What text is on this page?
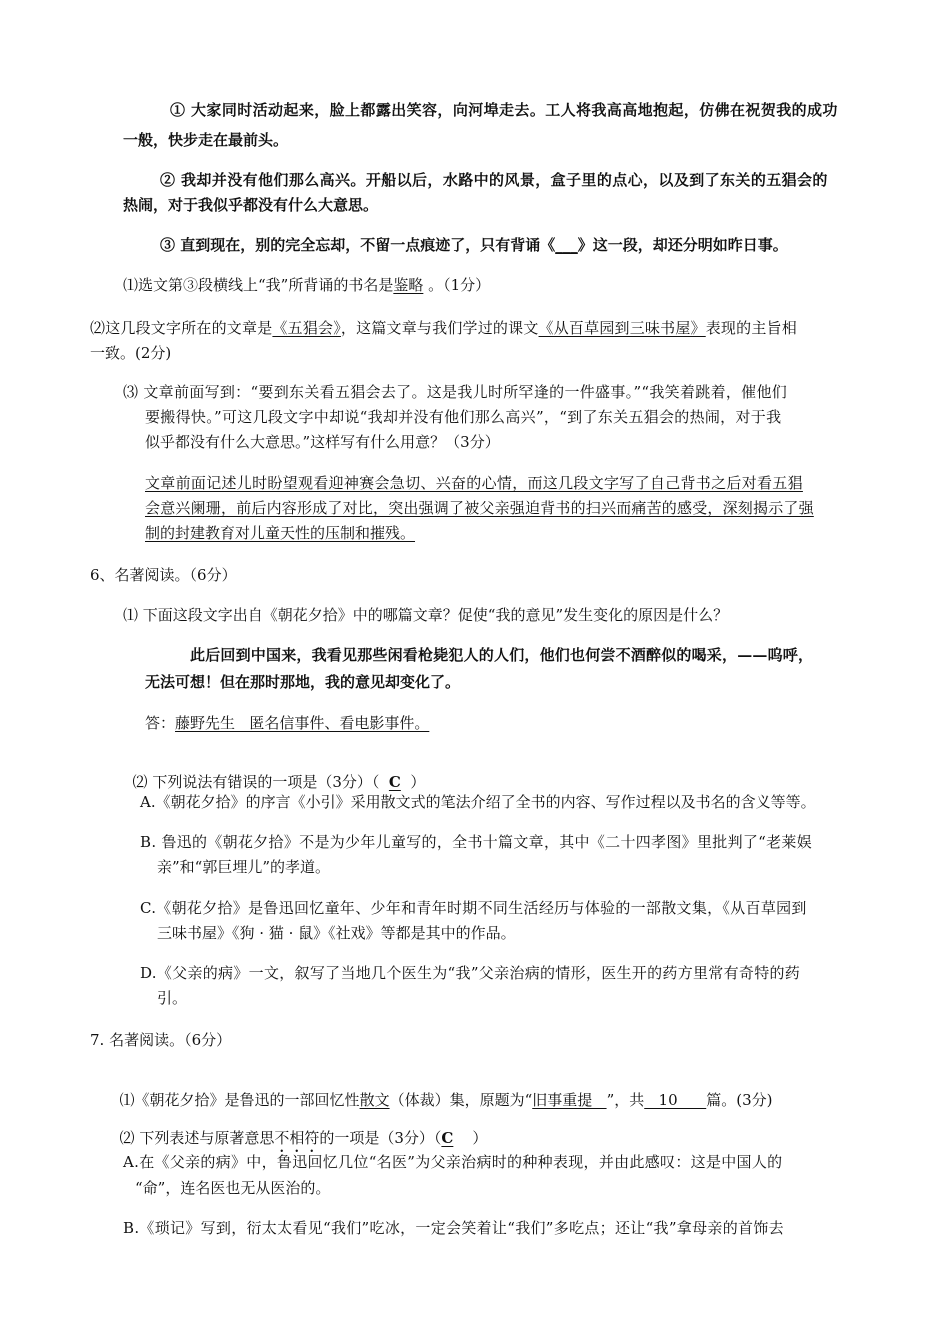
① 大家同时活动起来，脸上都露出笑容，向河埠走去。工人将我高高地抱起，仿佛在祝贺我的成功
一般，快步走在最前头。
② 我却并没有他们那么高兴。开船以后，水路中的风景，盒子里的点心，以及到了东关的五猖会的
热闹，对于我似乎都没有什么大意思。
③ 直到现在，别的完全忘却，不留一点痕迹了，只有背诵《___》这一段，却还分明如昨日事。
⑴选文第③段横线上“我”所背诵的书名是鉴略 。（1分）
⑵这几段文字所在的文章是《五猖会》，这篇文章与我们学过的课文《从百草园到三味书屋》表现的主旨相
一致。(2分)
⑶ 文章前面写到：“要到东关看五猖会去了。这是我儿时所罕逢的一件盛事。”“我笑着跳着，催他们
要搬得快。”可这几段文字中却说“我却并没有他们那么高兴”，“到了东关五猖会的热闹，对于我
似乎都没有什么大意思。”这样写有什么用意？（3分）
文章前面记述儿时盼望观看迎神赛会急切、兴奋的心情，而这几段文字写了自己背书之后对看五猖
会意兴阑珊，前后内容形成了对比，突出强调了被父亲强迫背书的扫兴而痛苦的感受，深刻揭示了强
制的封建教育对儿童天性的压制和摧残。
6、名著阅读。（6分）
⑴ 下面这段文字出自《朝花夕拾》中的哪篇文章？促使“我的意见”发生变化的原因是什么？
此后回到中国来，我看见那些闲看枪毙犯人的人们，他们也何尝不酒醉似的喝采，——呜呼，
无法可想！但在那时那地，我的意见却变化了。
答：藤野先生   匿名信事件、看电影事件。

⑵ 下列说法有错误的一项是（3分）（  C  ）

A.《朝花夕拾》的序言《小引》采用散文式的笔法介绍了全书的内容、写作过程以及书名的含义等等。
B. 鲁迅的《朝花夕拾》不是为少年儿童写的，全书十篇文章，其中《二十四孝图》里批判了“老莱娱
亲”和“郭巨埋儿”的孝道。
C.《朝花夕拾》是鲁迅回忆童年、少年和青年时期不同生活经历与体验的一部散文集，《从百草园到
三味书屋》《狗 · 猫 · 鼠》《社戏》等都是其中的作品。
D.《父亲的病》一文，叙写了当地几个医生为“我”父亲治病的情形，医生开的药方里常有奇特的药
引。
7. 名著阅读。（6分）

⑴《朝花夕拾》是鲁迅的一部回忆性散文（体裁）集，原题为“旧事重提   ”，共   10      篇。(3分)

⑵ 下列表述与原著意思不相符的一项是（3分）（C    ）

A.在《父亲的病》中，鲁迅回忆几位“名医”为父亲治病时的种种表现，并由此感叹：这是中国人的
“命”，连名医也无从医治的。
B.《琐记》写到，衍太太看见“我们”吃冰，一定会笑着让“我们”多吃点；还让“我”拿母亲的首饰去
